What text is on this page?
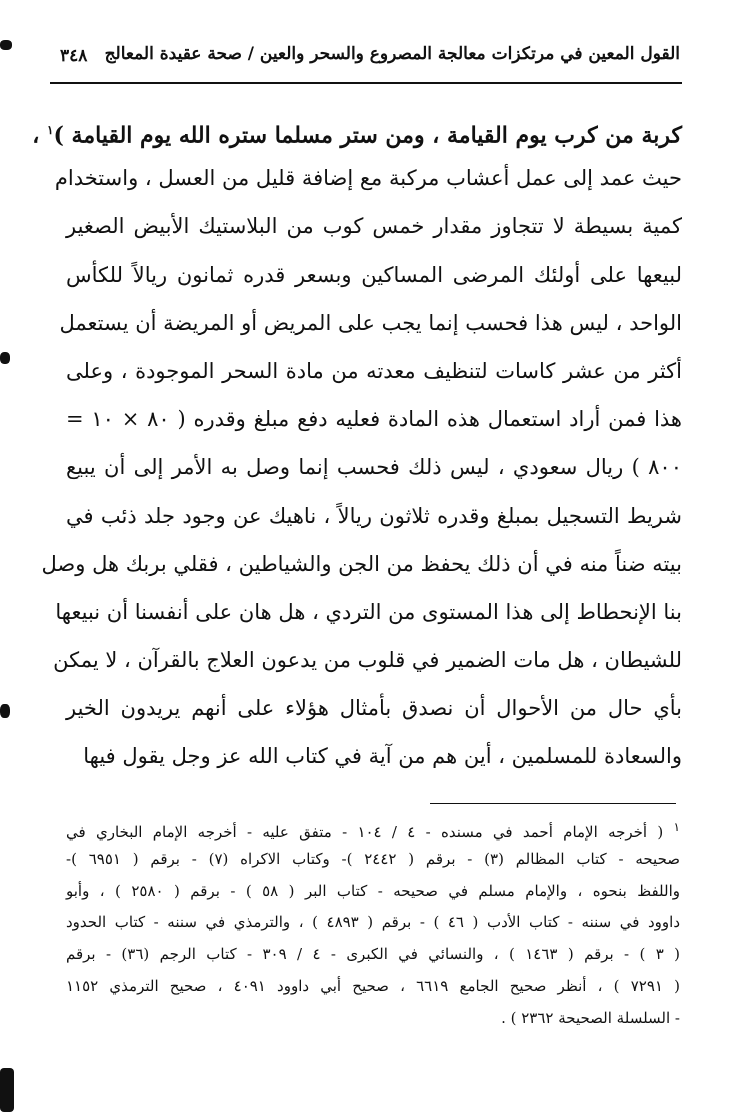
القول المعين في مرتكزات معالجة المصروع والسحر والعين / صحة عقيدة المعالج
٣٤٨
كربة من كرب يوم القيامة ، ومن ستر مسلما ستره الله يوم القيامة )$^١$ ،
حيث عمد إلى عمل أعشاب مركبة مع إضافة قليل من العسل ، واستخدام
كمية بسيطة لا تتجاوز مقدار خمس كوب من البلاستيك الأبيض الصغير
لبيعها على أولئك المرضى المساكين وبسعر قدره ثمانون ريالاً للكأس
الواحد ، ليس هذا فحسب إنما يجب على المريض أو المريضة أن يستعمل
أكثر من عشر كاسات لتنظيف معدته من مادة السحر الموجودة ، وعلى
هذا فمن أراد استعمال هذه المادة فعليه دفع مبلغ وقدره ( ٨٠ × ١٠ =
٨٠٠ ) ريال سعودي ، ليس ذلك فحسب إنما وصل به الأمر إلى أن يبيع
شريط التسجيل بمبلغ وقدره ثلاثون ريالاً ، ناهيك عن وجود جلد ذئب في
بيته ضناً منه في أن ذلك يحفظ من الجن والشياطين ، فقلي بربك هل وصل
بنا الإنحطاط إلى هذا المستوى من التردي ، هل هان على أنفسنا أن نبيعها
للشيطان ، هل مات الضمير في قلوب من يدعون العلاج بالقرآن ، لا يمكن
بأي حال من الأحوال أن نصدق بأمثال هؤلاء على أنهم يريدون الخير
والسعادة للمسلمين ، أين هم من آية في كتاب الله عز وجل يقول فيها
$^١$ ( أخرجه الإمام أحمد في مسنده - ٤ / ١٠٤ - متفق عليه - أخرجه الإمام البخاري في
صحيحه - كتاب المظالم (٣) - برقم ( ٢٤٤٢ )- وكتاب الاكراه (٧) - برقم ( ٦٩٥١ )-
واللفظ بنحوه ، والإمام مسلم في صحيحه - كتاب البر ( ٥٨ ) - برقم ( ٢٥٨٠ ) ، وأبو
داوود في سننه - كتاب الأدب ( ٤٦ ) - برقم ( ٤٨٩٣ ) ، والترمذي في سننه - كتاب الحدود
( ٣ ) - برقم ( ١٤٦٣ ) ، والنسائي في الكبرى - ٤ / ٣٠٩ - كتاب الرجم (٣٦) - برقم
( ٧٢٩١ ) ، أنظر صحيح الجامع ٦٦١٩ ، صحيح أبي داوود ٤٠٩١ ، صحيح الترمذي ١١٥٢
- السلسلة الصحيحة ٢٣٦٢ ) .
